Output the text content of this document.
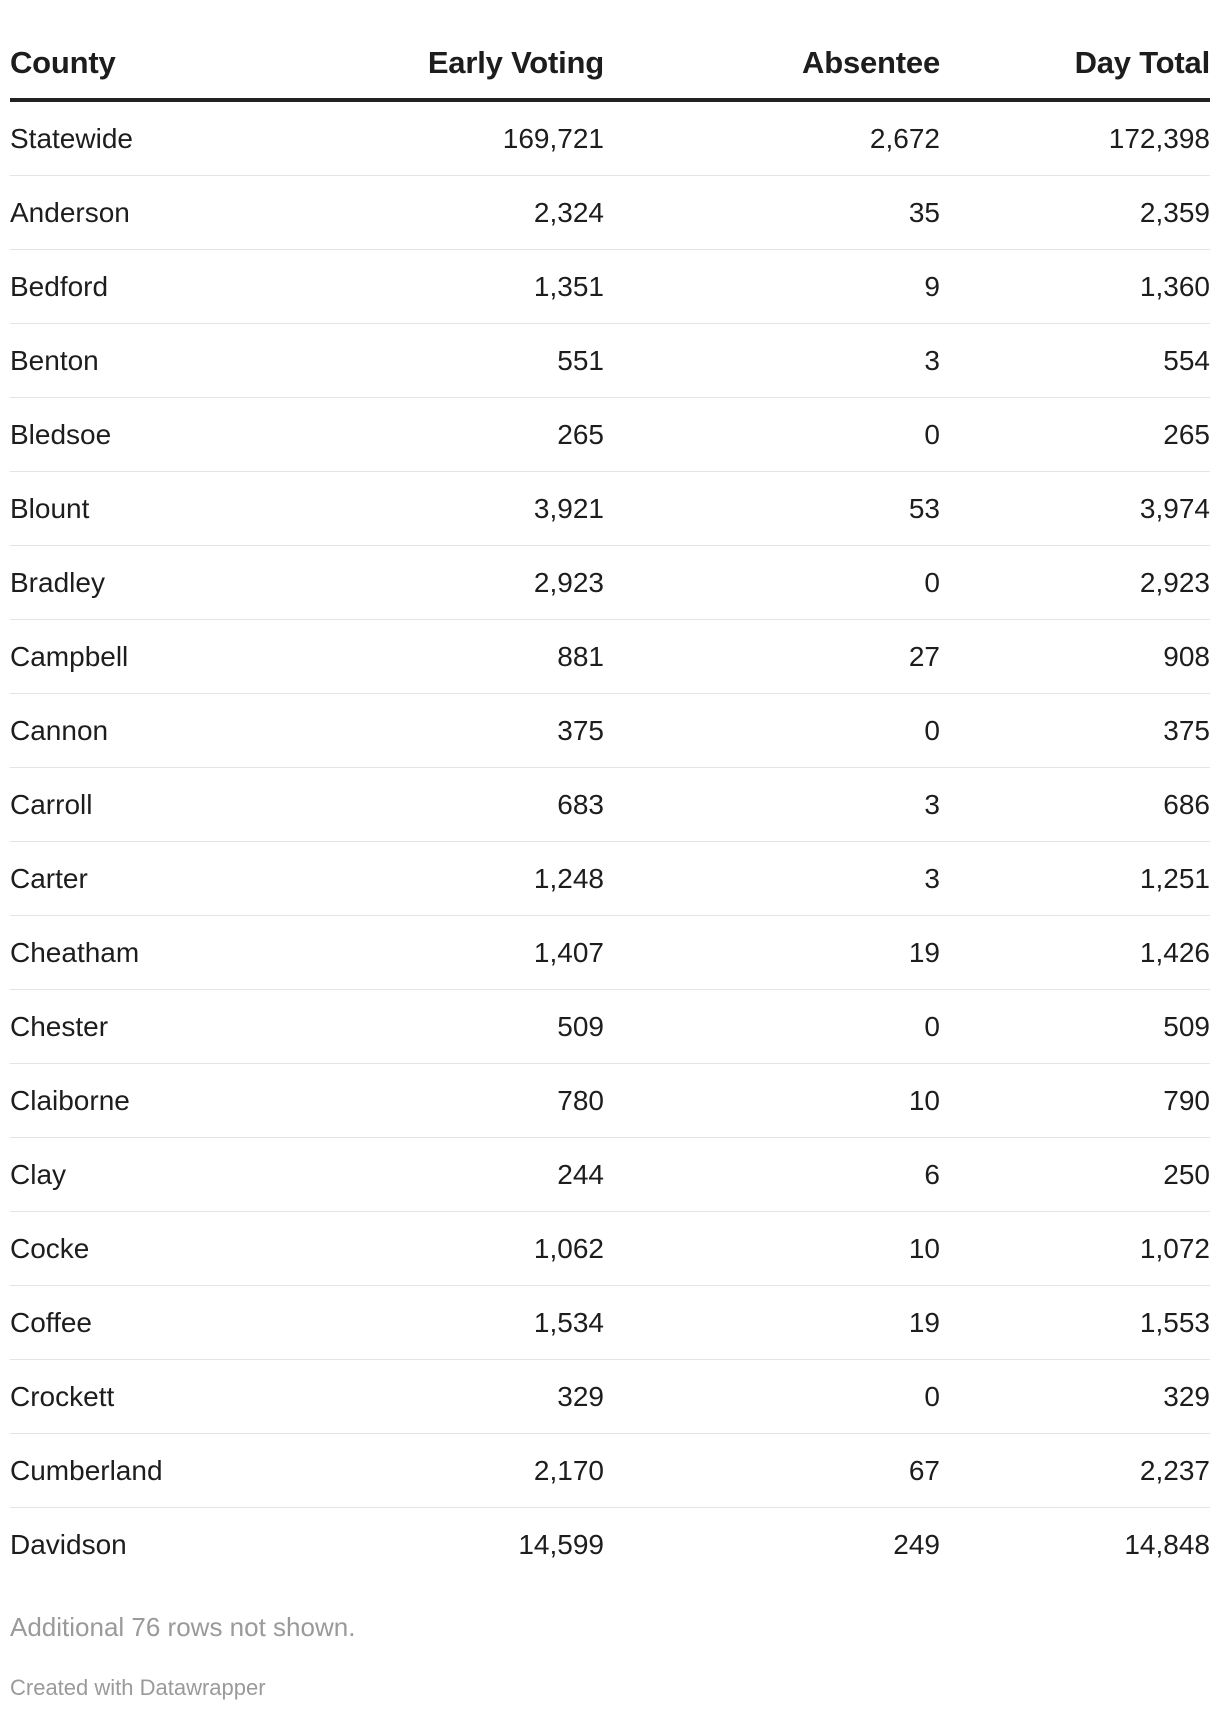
County	Early Voting	Absentee	Day Total
Statewide	169,721	2,672	172,398
Anderson	2,324	35	2,359
Bedford	1,351	9	1,360
Benton	551	3	554
Bledsoe	265	0	265
Blount	3,921	53	3,974
Bradley	2,923	0	2,923
Campbell	881	27	908
Cannon	375	0	375
Carroll	683	3	686
Carter	1,248	3	1,251
Cheatham	1,407	19	1,426
Chester	509	0	509
Claiborne	780	10	790
Clay	244	6	250
Cocke	1,062	10	1,072
Coffee	1,534	19	1,553
Crockett	329	0	329
Cumberland	2,170	67	2,237
Davidson	14,599	249	14,848
Additional 76 rows not shown.
Created with Datawrapper
